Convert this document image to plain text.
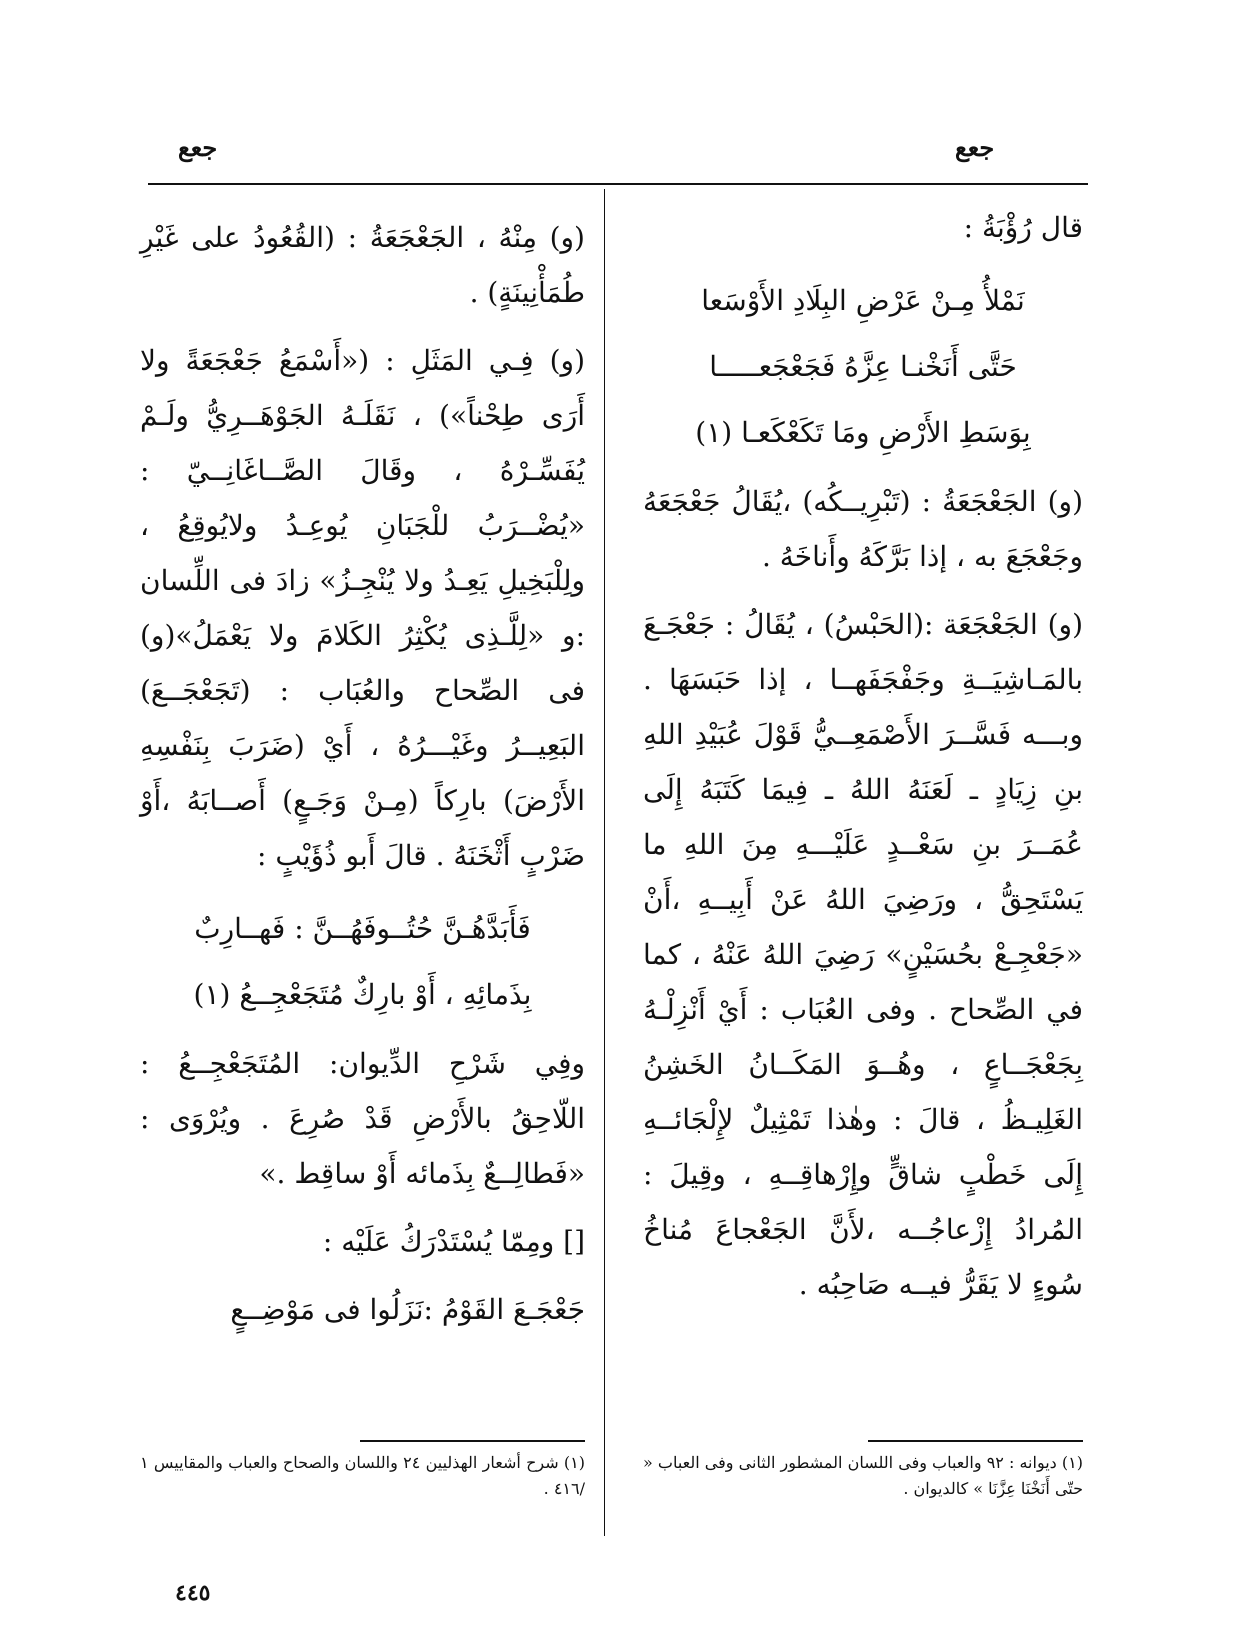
جعع
جعع

قال رُؤْبَةُ :

نَمْلأُ مِـنْ عَرْضِ البِلَادِ الأَوْسَعا
حَتَّى أَنَخْنـا عِزَّهُ فَجَعْجَعـــــا
بِوَسَطِ الأَرْضِ ومَا تَكَعْكَعـا (١)

(و) الجَعْجَعَةُ : (تَبْرِيــكُه) ،يُقَالُ جَعْجَعَهُ وجَعْجَعَ به ، إذا بَرَّكَهُ وأَناخَهُ .

(و) الجَعْجَعَة :(الحَبْسُ) ، يُقَالُ : جَعْجَـعَ بالمَـاشِيَــةِ وجَفْجَفَهــا ، إذا حَبَسَهَا . وبـــه فَسَّــرَ الأَصْمَعِــيُّ قَوْلَ عُبَيْدِ اللهِ بنِ زِيَادٍ ـ لَعَنَهُ اللهُ ـ فِيمَا كَتَبَهُ إِلَى عُمَــرَ بنِ سَعْــدٍ عَلَيْـــهِ مِنَ اللهِ ما يَسْتَحِقُّ ، ورَضِيَ اللهُ عَنْ أَبِيــهِ ،أَنْ «جَعْجِـعْ بحُسَيْنٍ» رَضِيَ اللهُ عَنْهُ ، كما في الصِّحاح . وفى العُبَاب : أَيْ أَنْزِلْـهُ بِجَعْجَــاعٍ ، وهُــوَ المَكَــانُ الخَشِنُ الغَلِيـظُ ، قالَ : وهٰذا تَمْثِيلٌ لإِلْجَائــهِ إِلَى خَطْبٍ شاقٍّ وإِرْهاقِــهِ ، وقِيلَ : المُرادُ إِزْعاجُــه ،لأَنَّ الجَعْجاعَ مُناخُ سُوءٍ لا يَقَرُّ فيــه صَاحِبُه .

(و) مِنْهُ ، الجَعْجَعَةُ : (القُعُودُ على غَيْرِ طُمَأْنِينَةٍ) .

(و) فِـي المَثَلِ : («أَسْمَعُ جَعْجَعَةً ولا أَرَى طِحْناً») ، نَقَلَـهُ الجَوْهَــرِيُّ ولَـمْ يُفَسِّـرْهُ ، وقَالَ الصَّــاغَانِــيّ : «يُضْــرَبُ للْجَبَانِ يُوعِـدُ ولايُوقِعُ ، ولِلْبَخِيلِ يَعِـدُ ولا يُنْجِـزُ» زادَ فى اللِّسان :و «لِلَّـذِى يُكْثِرُ الكَلامَ ولا يَعْمَلُ»(و) فى الصِّحاح والعُبَاب : (تَجَعْجَــعَ) البَعِيــرُ وغَيْـــرُهُ ، أَيْ (ضَرَبَ بِنَفْسِهِ الأَرْضَ) بارِكاً (مِـنْ وَجَـعٍ) أَصــابَهُ ،أَوْ ضَرْبٍ أَثْخَنَهُ . قالَ أَبو ذُؤَيْبٍ :

فَأَبَدَّهُـنَّ حُتُــوفَهُــنَّ : فَهــارِبٌ
بِذَمائِهِ ، أَوْ بارِكٌ مُتَجَعْجِــعُ (١)

وفِي شَرْحِ الدِّيوان: المُتَجَعْجِــعُ : اللّاحِقُ بالأَرْضِ قَدْ صُرِعَ . ويُرْوَى : «فَطالِــعٌ بِذَمائه أَوْ ساقِط .»

[] ومِمّا يُسْتَدْرَكُ عَلَيْه :

جَعْجَـعَ القَوْمُ :نَزَلُوا فى مَوْضِــعٍ

(١) ديوانه : ٩٢ والعباب وفى اللسان المشطور الثانى وفى العباب « حتّى أَنَخْنَا عِزَّنَا » كالديوان .
(١) شرح أشعار الهذليين ٢٤ واللسان والصحاح والعباب والمقاييس ١ /٤١٦ .
٤٤٥
